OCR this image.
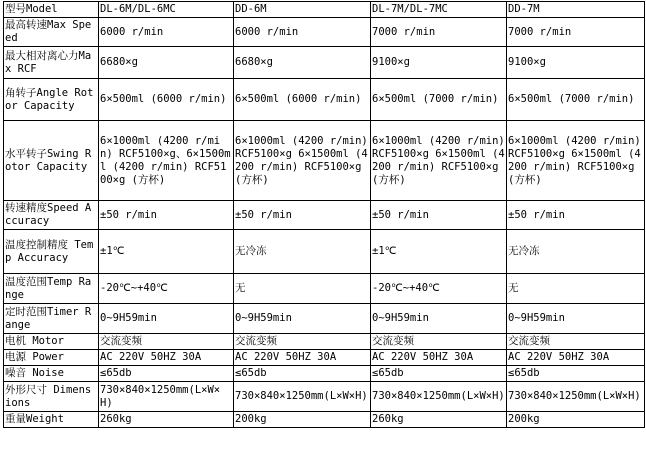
型号Model	DL-6M/DL-6MC	DD-6M	DL-7M/DL-7MC	DD-7M
最高转速Max Speed	6000 r/min	6000 r/min	7000 r/min	7000 r/min
最大相对离心力Max RCF	6680×g	6680×g	9100×g	9100×g
角转子Angle Rotor Capacity	6×500ml (6000 r/min)	6×500ml (6000 r/min)	6×500ml (7000 r/min)	6×500ml (7000 r/min)
水平转子Swing Rotor Capacity	6×1000ml (4200 r/min) RCF5100×g、6×1500ml (4200 r/min) RCF5100×g (方杯)	6×1000ml (4200 r/min) RCF5100×g 6×1500ml (4200 r/min) RCF5100×g (方杯)	6×1000ml (4200 r/min) RCF5100×g 6×1500ml (4200 r/min) RCF5100×g (方杯)	6×1000ml (4200 r/min) RCF5100×g 6×1500ml (4200 r/min) RCF5100×g (方杯)
转速精度Speed Accuracy	±50 r/min	±50 r/min	±50 r/min	±50 r/min
温度控制精度 Temp Accuracy	±1℃	无冷冻	±1℃	无冷冻
温度范围Temp Range	-20℃~+40℃	无	-20℃~+40℃	无
定时范围Timer Range	0~9H59min	0~9H59min	0~9H59min	0~9H59min
电机 Motor	交流变频	交流变频	交流变频	交流变频
电源 Power	AC 220V 50HZ 30A	AC 220V 50HZ 30A	AC 220V 50HZ 30A	AC 220V 50HZ 30A
噪音 Noise	≤65db	≤65db	≤65db	≤65db
外形尺寸 Dimensions	730×840×1250mm(L×W×H)	730×840×1250mm(L×W×H)	730×840×1250mm(L×W×H)	730×840×1250mm(L×W×H)
重量Weight	260kg	200kg	260kg	200kg
